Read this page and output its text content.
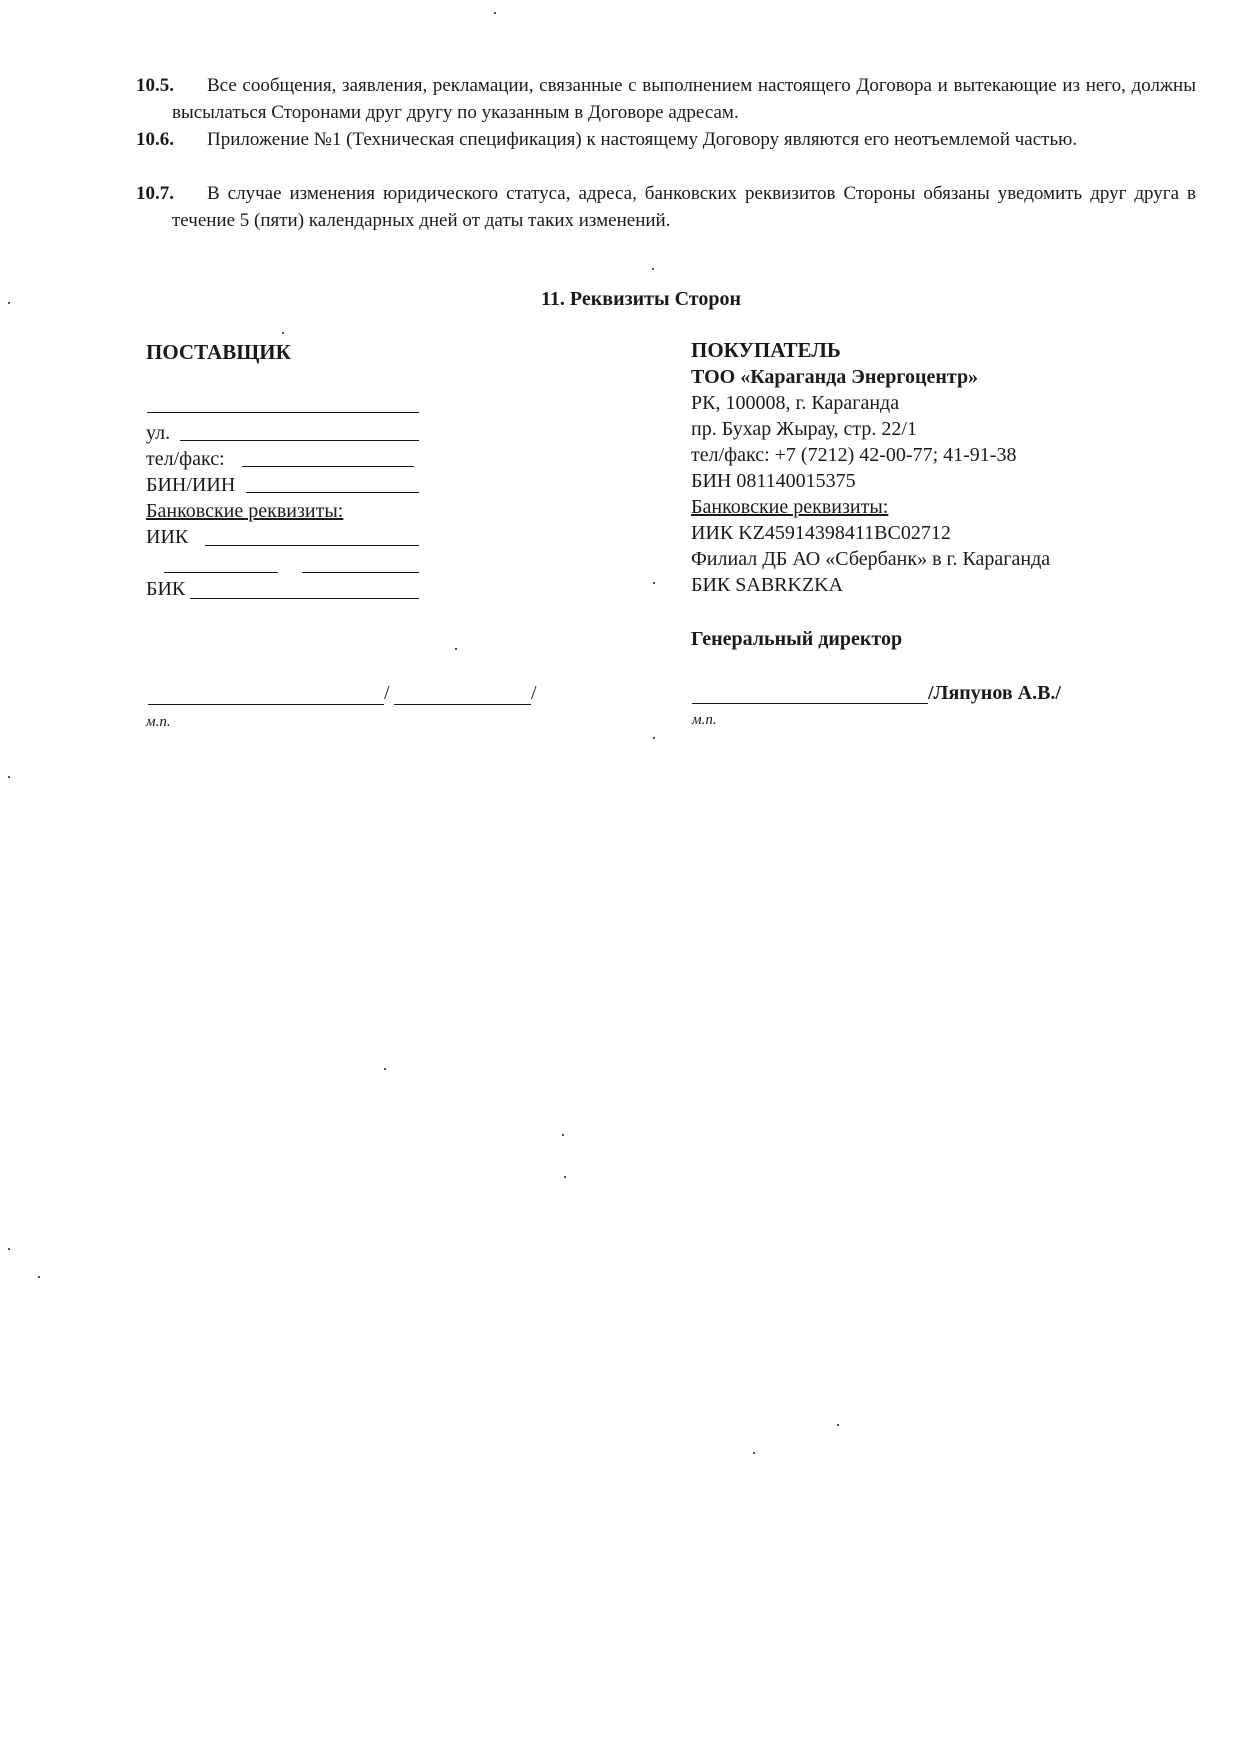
10.5.	Все сообщения, заявления, рекламации, связанные с выполнением настоящего Договора и вытекающие из него, должны высылаться Сторонами друг другу по указанным в Договоре адресам.
10.6.	Приложение №1 (Техническая спецификация) к настоящему Договору являются его неотъемлемой частью.
10.7.	В случае изменения юридического статуса, адреса, банковских реквизитов Стороны обязаны уведомить друг друга в течение 5 (пяти) календарных дней от даты таких изменений.
11. Реквизиты Сторон
ПОСТАВЩИК
ул.
тел/факс:
БИН/ИИН
Банковские реквизиты:
ИИК
БИК
/	/
м.п.
ПОКУПАТЕЛЬ
ТОО «Караганда Энергоцентр»
РК, 100008, г. Караганда
пр. Бухар Жырау, стр. 22/1
тел/факс: +7 (7212) 42-00-77; 41-91-38
БИН 081140015375
Банковские реквизиты:
ИИК KZ45914398411BC02712
Филиал ДБ АО «Сбербанк» в г. Караганда
БИК SABRKZKA
Генеральный директор
/Ляпунов А.В./
м.п.
